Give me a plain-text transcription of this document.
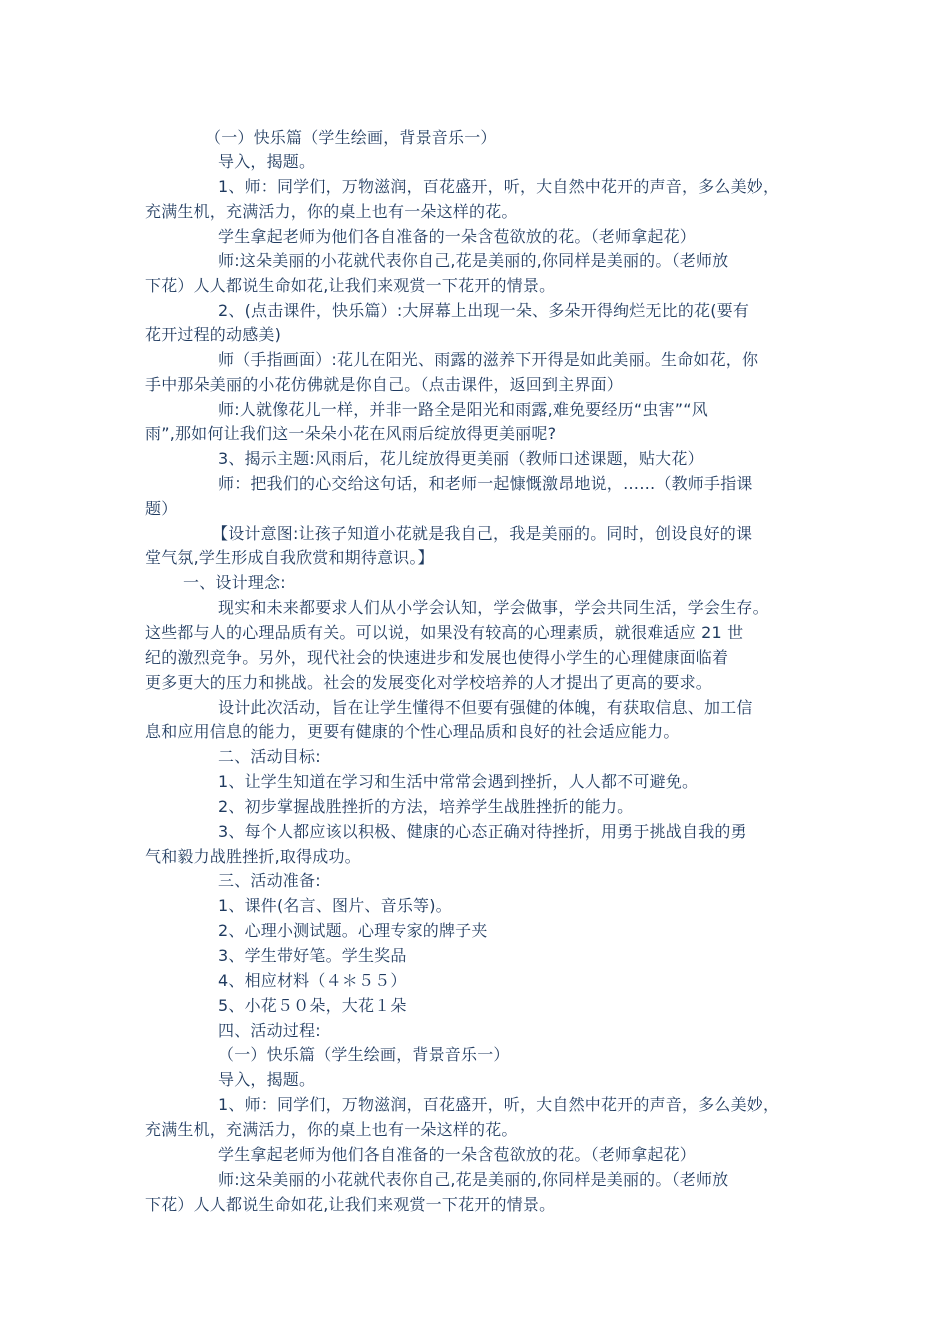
（一）快乐篇（学生绘画，背景音乐一）
导入，揭题。
1、师：同学们，万物滋润，百花盛开，听，大自然中花开的声音，多么美妙，
充满生机，充满活力，你的桌上也有一朵这样的花。
学生拿起老师为他们各自准备的一朵含苞欲放的花。（老师拿起花）
师:这朵美丽的小花就代表你自己,花是美丽的,你同样是美丽的。（老师放
下花）人人都说生命如花,让我们来观赏一下花开的情景。
2、(点击课件，快乐篇）:大屏幕上出现一朵、多朵开得绚烂无比的花(要有
花开过程的动感美)
师（手指画面）:花儿在阳光、雨露的滋养下开得是如此美丽。生命如花，你
手中那朵美丽的小花仿佛就是你自己。（点击课件，返回到主界面）
师:人就像花儿一样，并非一路全是阳光和雨露,难免要经历“虫害”“风
雨”,那如何让我们这一朵朵小花在风雨后绽放得更美丽呢?
3、揭示主题:风雨后，花儿绽放得更美丽（教师口述课题，贴大花）
师：把我们的心交给这句话，和老师一起慷慨激昂地说，……（教师手指课
题）
【设计意图:让孩子知道小花就是我自己，我是美丽的。同时，创设良好的课
堂气氛,学生形成自我欣赏和期待意识。】
一、设计理念:
现实和未来都要求人们从小学会认知，学会做事，学会共同生活，学会生存。
这些都与人的心理品质有关。可以说，如果没有较高的心理素质，就很难适应 21 世
纪的激烈竞争。另外，现代社会的快速进步和发展也使得小学生的心理健康面临着
更多更大的压力和挑战。社会的发展变化对学校培养的人才提出了更高的要求。
设计此次活动，旨在让学生懂得不但要有强健的体魄，有获取信息、加工信
息和应用信息的能力，更要有健康的个性心理品质和良好的社会适应能力。
二、活动目标:
1、让学生知道在学习和生活中常常会遇到挫折，人人都不可避免。
2、初步掌握战胜挫折的方法，培养学生战胜挫折的能力。
3、每个人都应该以积极、健康的心态正确对待挫折，用勇于挑战自我的勇
气和毅力战胜挫折,取得成功。
三、活动准备:
1、课件(名言、图片、音乐等)。
2、心理小测试题。心理专家的牌子夹
3、学生带好笔。学生奖品
4、相应材料（４＊５５）
5、小花５０朵，大花１朵
四、活动过程:
（一）快乐篇（学生绘画，背景音乐一）
导入，揭题。
1、师：同学们，万物滋润，百花盛开，听，大自然中花开的声音，多么美妙，
充满生机，充满活力，你的桌上也有一朵这样的花。
学生拿起老师为他们各自准备的一朵含苞欲放的花。（老师拿起花）
师:这朵美丽的小花就代表你自己,花是美丽的,你同样是美丽的。（老师放
下花）人人都说生命如花,让我们来观赏一下花开的情景。
